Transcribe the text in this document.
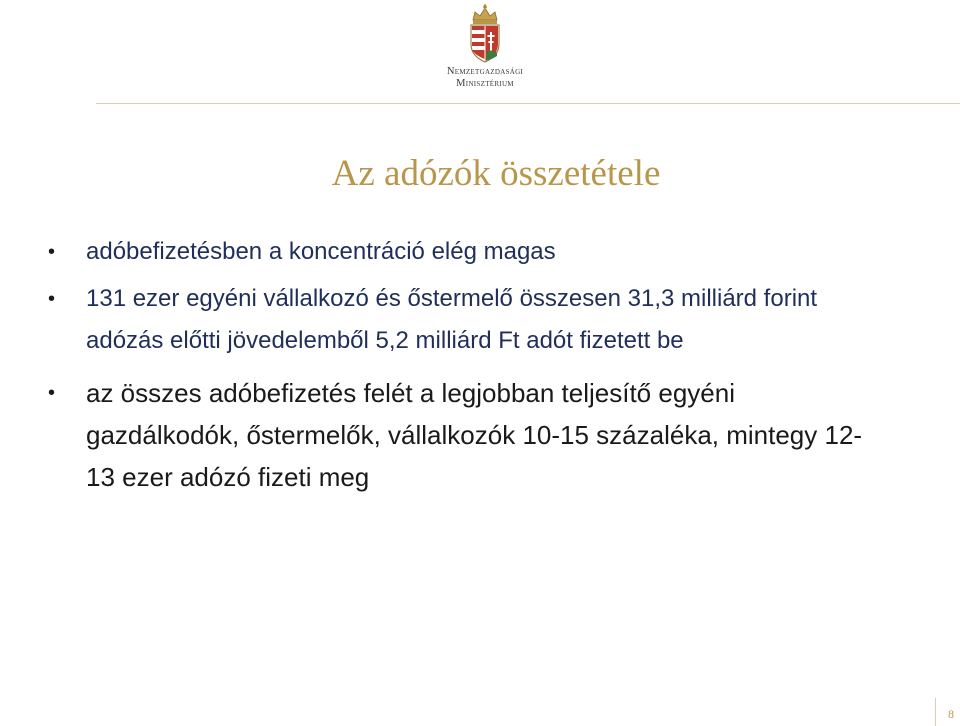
Nemzetgazdasági
Minisztérium
Az adózók összetétele
• adóbefizetésben a koncentráció elég magas
• 131 ezer egyéni vállalkozó és őstermelő összesen 31,3 milliárd forint adózás előtti jövedelemből 5,2 milliárd Ft adót fizetett be
• az összes adóbefizetés felét a legjobban teljesítő egyéni gazdálkodók, őstermelők, vállalkozók 10-15 százaléka, mintegy 12-13 ezer adózó fizeti meg
8
